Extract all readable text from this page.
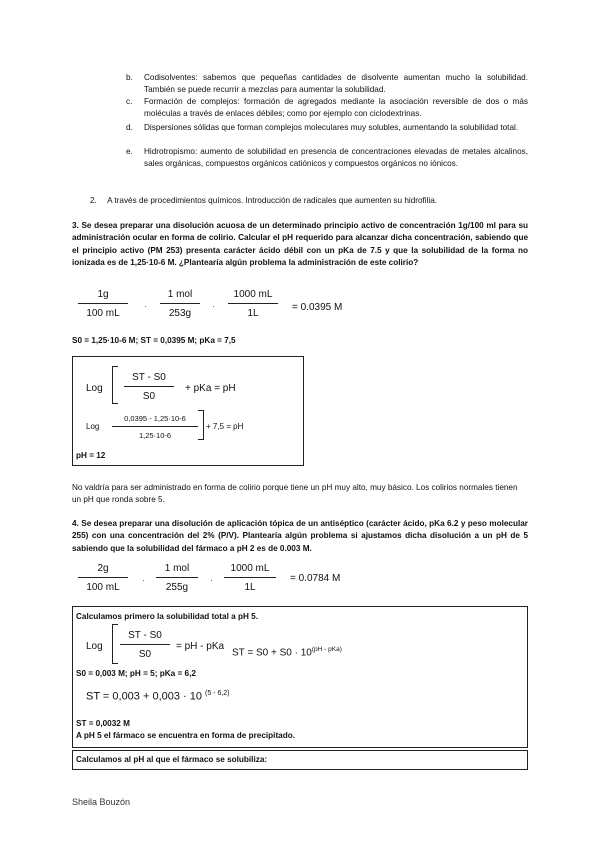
b. Codisolventes: sabemos que pequeñas cantidades de disolvente aumentan mucho la solubilidad. También se puede recurrir a mezclas para aumentar la solubilidad.
c. Formación de complejos: formación de agregados mediante la asociación reversible de dos o más moléculas a través de enlaces débiles; como por ejemplo con ciclodextrinas.
d. Dispersiones sólidas que forman complejos moleculares muy solubles, aumentando la solubilidad total.
e. Hidrotropismo: aumento de solubilidad en presencia de concentraciones elevadas de metales alcalinos, sales orgánicas, compuestos orgánicos catiónicos y compuestos orgánicos no iónicos.
2. A través de procedimientos químicos. Introducción de radicales que aumenten su hidrofilia.
3. Se desea preparar una disolución acuosa de un determinado principio activo de concentración 1g/100 ml para su administración ocular en forma de colirio. Calcular el pH requerido para alcanzar dicha concentración, sabiendo que el principio activo (PM 253) presenta carácter ácido débil con un pKa de 7.5 y que la solubilidad de la forma no ionizada es de 1,25·10-6 M. ¿Plantearía algún problema la administración de este colirio?
$\frac{1g}{100 mL}$ ·
1 mol
253g
· $\frac{1000 mL}{1L} = 0.0395$ M
S0 = 1,25·10-6 M; ST = 0,0395 M; pKa = 7,5
Log $\frac{ST - S0}{S0}$ + pKa = pH
Log $\frac{0,0395 - 1,25\cdot 10-6}{1,25\cdot 10-6} + 7,5$ = pH
pH = 12
No valdría para ser administrado en forma de colirio porque tiene un pH muy alto, muy básico. Los colirios normales tienen un pH que ronda sobre 5.
4. Se desea preparar una disolución de aplicación tópica de un antiséptico (carácter ácido, pKa 6.2 y peso molecular 255) con una concentración del 2% (P/V). Plantearía algún problema si ajustamos dicha disolución a un pH de 5 sabiendo que la solubilidad del fármaco a pH 2 es de 0.003 M.
$\frac{2g}{100 mL}$ ·
1 mol
255g
· $\frac{1000 mL}{1L} = 0.0784$ M
Calculamos primero la solubilidad total a pH 5.
Log $\frac{ST - S0}{S0}$ = pH - pKa
ST = $S0 + S0 \cdot 10^{(pH - pKa)}$
S0 = 0,003 M; pH = 5; pKa = 6,2
ST = 0,003 + 0,003 · 10 $^{(5 - 6,2)}$
ST = 0,0032 M
A pH 5 el fármaco se encuentra en forma de precipitado.
Calculamos al pH al que el fármaco se solubiliza:
Sheila Bouzón
